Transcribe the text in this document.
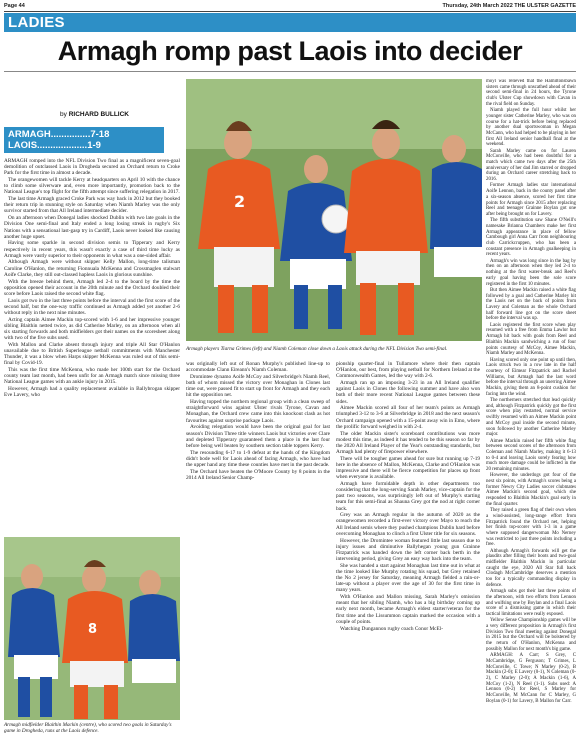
Page 44	Thursday, 24th March 2022 THE ULSTER GAZETTE
LADIES
Armagh romp past Laois into decider
by RICHARD BULLICK
ARMAGH...............7-18
LAOIS...................1-9
2
Armagh players Tiarna Grimes (left) and Niamh Coleman close down a Laois attack during the NFL Division Two semi-final.
8
Armagh midfielder Blaithin Mackin (centre), who scored two goals in Saturday's game in Drogheda, runs at the Laois defence.

ARMAGH romped into the NFL Division Two final as a magnificent seven-goal demolition of outclassed Laois in Drogheda secured an Orchard return to Croke Park for the first time in almost a decade.

The orangewomen will tackle Kerry at headquarters on April 10 with the chance to climb some silverware and, even more importantly, promotion back to the National League's top flight for the fifth attempt since suffering relegation in 2017.

The last time Armagh graced Croke Park was way back in 2012 but they booked their return trip in stunning style on Saturday when Niamh Marley was the only survivor started from that All Ireland intermediate decider.

On an afternoon when Donegal ladies shocked Dublin with two late goals in the Division One semi-final and Italy ended a long losing streak in rugby's Six Nations with a sensational last-gasp try in Cardiff, Laois never looked like causing another huge upset.

Having some sparkle in second division semis to Tipperary and Kerry respectively in recent years, this wasn't exactly a case of third time lucky as Armagh were vastly superior to their opponents in what was a one-sided affair.

Although Armagh were without skipper Kelly Mallon, long-time talisman Caroline O'Hanlon, the returning Fionnuala McKenna and Crossmaglen stalwart Aoife Clarke, they still out-classed hapless Laois in glorious sunshine.

With the breeze behind them, Armagh led 2-4 to the board by the time the opposition opened their account in the 20th minute and the Orchard doubled their score before Laois raised the second white flag.

Laois got two in the last three points before the interval and the first score of the second half, but the one-way traffic continued as Armagh added yet another 2-6 without reply in the next nine minutes.

Acting captain Aimee Mackin top-scored with 1-6 and her impressive younger sibling Blaithin netted twice, as did Catherine Marley, on an afternoon when all six starting forwards and both midfielders got their names on the scoresheet along with two of the five subs used.

With Mallon and Clarke absent through injury and triple All Star O'Hanlon unavailable due to British Superleague netball commitments with Manchester Thunder, it was a blow when Harps skipper McKenna was ruled out of this semi-final by Covid-19.

This was the first time McKenna, who made her 100th start for the Orchard county team last month, had been unfit for an Armagh match since missing three National League games with an ankle injury in 2015.

However, Armagh had a quality replacement available in Ballybrogan skipper Eve Lavery, who

was originally left out of Ronan Murphy's published line-up to accommodate Clann Eireann's Niamh Coleman.

Dromintee dynamo Aoife McCoy and Silverbridge's Niamh Reel, both of whom missed the victory over Monaghan in Clones last time out, were passed fit to start up front for Armagh and they each hit the opposition net.

Having topped the northern regional group with a clean sweep of straightforward wins against Ulster rivals Tyrone, Cavan and Monaghan, the Orchard crew came into this knockout clash as hot favourites against surprise package Laois.

Avoiding relegation would have been the original goal for last season's Division Three title winners Laois but victories over Clare and depleted Tipperary guaranteed them a place in the last four before being well beaten by southern section table toppers Kerry.

The resounding 6-17 to 1-9 defeat at the hands of the Kingdom didn't bode well for Laois ahead of facing Armagh, who have had the upper hand any time these counties have met in the past decade.

The Orchard have beaten the O'Moore County by 8 points in the 2014 All Ireland Senior Champ-

pionship quarter-final in Tullamore where their then captain O'Hanlon, our best, from playing netball for Northern Ireland at the Commonwealth Games, led the way with 2-6.

Armagh ran up an imposing 3-23 in an All Ireland qualifier against Laois in Clones the following summer and have also won both of their more recent National League games between these sides.

Aimee Mackin scored all four of her team's points as Armagh triumphed 3-12 to 3-6 at Silverbridge in 2018 and the next season's Orchard campaign opened with a 15-point away win in Emo, where the prolific forward weighed in with 2-4.

The older Mackin sister's scoreboard contributions was more modest this time, as indeed it has tended to be this season so far by the 2020 All Ireland Player of the Year's outstanding standards, but Armagh had plenty of firepower elsewhere.

There will be tougher games ahead for sure but running up 7-19 here in the absence of Mallon, McKenna, Clarke and O'Hanlon was impressive and there will be fierce competition for places up front when everyone is available.

Armagh have formidable depth in other departments too considering that the long-serving Sarah Marley, vice-captain for the past two seasons, was surprisingly left out of Murphy's starting team for this semi-final as Shauna Grey got the nod at right corner back.

Grey was an Armagh regular in the autumn of 2020 as the orangewomen recorded a first-ever victory over Mayo to reach the All Ireland semis where they pushed champions Dublin hard before overcoming Monaghan to clinch a first Ulster title for six seasons.

However, the Dromintee woman featured little last season due to injury issues and diminutive Ballyhegan young gun Grainne Fitzpatrick was handed down the left corner back berth in the intervening period, giving Grey an easy way back into the team.

She was handed a start against Monaghan last time out in what at the time looked like Murphy rotating his squad, but Grey retained the No 2 jersey for Saturday, meaning Armagh fielded a rain-or-late-up without a player over the age of 30 for the first time in many years.

With O'Hanlon and Mallon missing, Sarah Marley's omission meant that her sibling Niamh, who has a big birthday coming up early next month, became Armagh's eldest starter/veteran for the first time and the Lissummon captain marked the occasion with a couple of points.

Watching Dungannon rugby coach Conor McEl-

moyl was relieved that the Hamiltonsbawn sisters came through unscathed ahead of their second semi-final in 24 hours, the Tyrone club's Ulster Cup showdown with Cavan in the rival field on Sunday.

Niamh played the full hour whilst her younger sister Catherine Marley, who was on course for a hat-trick before being replaced by another dual sportswoman in Megan McCann, who had helped to be playing in her first All Ireland senior handball final at the weekend.

Sarah Marley came on for Lauren McConville, who had been doubtful for a match which came two days after the 25th anniversary of her dad Jim starred or dropped during an Orchard career stretching back to 2016.

Former Armagh ladies star international Aoife Lennon, back in the county panel after a six-season absence, scored her first time points for Armagh since 2015 after replacing Reel and teenager Grainne Boylan got one after being brought on for Lavery.

The fifth substitution saw Shane O'Neill's namesake Brianna Chambers make her first Armagh appearance in place of fellow Cambough girl Anna Carr from neighbouring club Carrickcruppen, who has been a constant presence in Armagh goalkeeping in recent years.

Armagh's win was long since in the bag by then on an afternoon when they led 2-4 to nothing at the first water-break and Reel's early goal having been the sole score registered in the first 10 minutes.

But then Aimee Mackin raised a white flag followed by a goal and Catherine Marley hit the Laois net on the back of points from Lavery and Coleman as the whole Orchard half forward line got on the score sheet before the interval was up.

Laois registered the first score when play resumed with a free from Emma Lawlor but Armagh hit back with goals from Reel and Blaithin Mackin sandwiching a run of four points courtesy of McCoy, Aimee Mackin, Niamh Marley and McKenna.

Having scored only one point up until then, Laois struck two in a row late in the half courtesy of Eimear Fitzpatrick and Rachel Williams, but Armagh had the last word before the interval through an unerring Aimee Mackin, giving them an 8-point cushion for facing into the wind.

The northerners stretched that lead quickly and, although Fitzpatrick quickly got the first score when play restarted, normal service swiftly resumed with an Aimee Mackin point and McCoy goal inside the second minute, soon followed by another Catherine Marley major.

Aimee Mackin raised her fifth white flag between second scores of the afternoon from Coleman and Niamh Marley, making it 6-13 to 0-4 and leaving Laois sorely fearing how much more damage could be inflicted in the 20 remaining minutes.

However, the underdogs got four of the next six points, with Armagh's scores being a former Newry City Ladies soccer clubmates Aimee Mackin's second goal, which she responded to Blaithin Mackin's goal early in the final quarter.

They raised a green flag of their own when a wind-assisted, long-range effort from Fitzpatrick found the Orchard net, helping her finish top-scorer with 1-3 in a game where supposed dangerwoman Mo Nerney was restricted to just three points including a free.

Although Armagh's forwards will get the plaudits after filling their boots and two-goal midfielder Blaithin Mackin in particular caught the eye, 2020 All Star full back Clodagh McCambridge deserves a mention too for a typically commanding display in defence.

Armagh subs got their last three points of the afternoon, with two efforts from Lennon and wulfsing one by Boylan and a final Laois score of a dismissing game in which their tactical limitations were really exposed.

Yellow Sense Championship games will be a very different proposition in Armagh's first Division Two final meeting against Donegal in 2015 but the Orchard will be bolstered by the return of O'Hanlon, McKenna and possibly Mallon for next month's big game.

ARMAGH: A Carr; S Grey, C McCambridge, G Ferguson; T Grimes, L McConville, C Towe; N Marley (0-2), B Mackin (2-0); E Lavery (0-1), N Coleman (0-2), C Marley (2-0); A Mackin (1-6), A McCoy (1-2), N Reel (1-1). Subs used: A Lennon (0-2) for Reel, S Marley for McConville, M McCann for C Marley, G Boylan (0-1) for Lavery, B Mallon for Carr.
